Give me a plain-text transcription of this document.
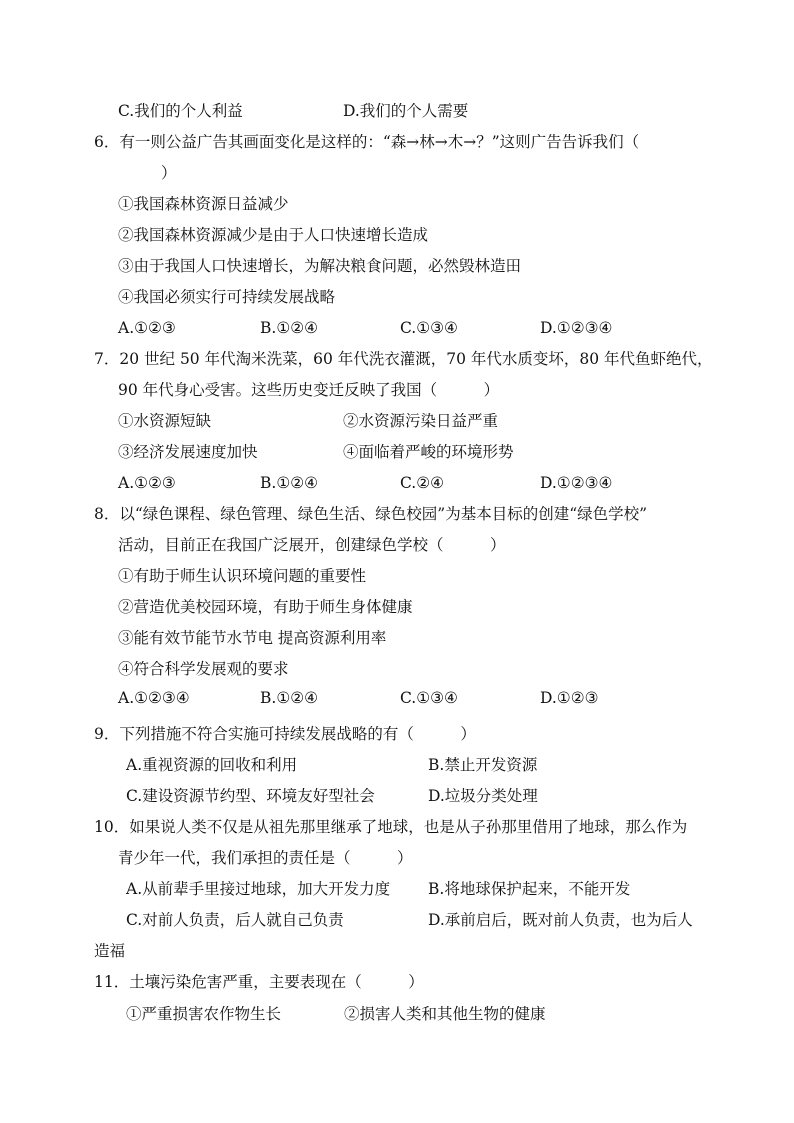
C.我们的个人利益	D.我们的个人需要
6．有一则公益广告其画面变化是这样的：“森→林→木→？”这则广告告诉我们（
）
①我国森林资源日益减少
②我国森林资源减少是由于人口快速增长造成
③由于我国人口快速增长，为解决粮食问题，必然毁林造田
④我国必须实行可持续发展战略
A.①②③	B.①②④	C.①③④	D.①②③④
7．20 世纪 50 年代淘米洗菜，60 年代洗衣灌溉，70 年代水质变坏，80 年代鱼虾绝代，
90 年代身心受害。这些历史变迁反映了我国（　　　）
①水资源短缺	②水资源污染日益严重
③经济发展速度加快	④面临着严峻的环境形势
A.①②③	B.①②④	C.②④	D.①②③④
8．以“绿色课程、绿色管理、绿色生活、绿色校园”为基本目标的创建“绿色学校”
活动，目前正在我国广泛展开，创建绿色学校（　　　）
①有助于师生认识环境问题的重要性
②营造优美校园环境，有助于师生身体健康
③能有效节能节水节电 提高资源利用率
④符合科学发展观的要求
A.①②③④	B.①②④	C.①③④	D.①②③
9．下列措施不符合实施可持续发展战略的有（　　　）
A.重视资源的回收和利用	B.禁止开发资源
C.建设资源节约型、环境友好型社会	D.垃圾分类处理
10．如果说人类不仅是从祖先那里继承了地球，也是从子孙那里借用了地球，那么作为
青少年一代，我们承担的责任是（　　　）
A.从前辈手里接过地球，加大开发力度 B.将地球保护起来，不能开发
C.对前人负责，后人就自己负责	D.承前启后，既对前人负责，也为后人
造福
11．土壤污染危害严重，主要表现在（　　　）
①严重损害农作物生长	②损害人类和其他生物的健康
